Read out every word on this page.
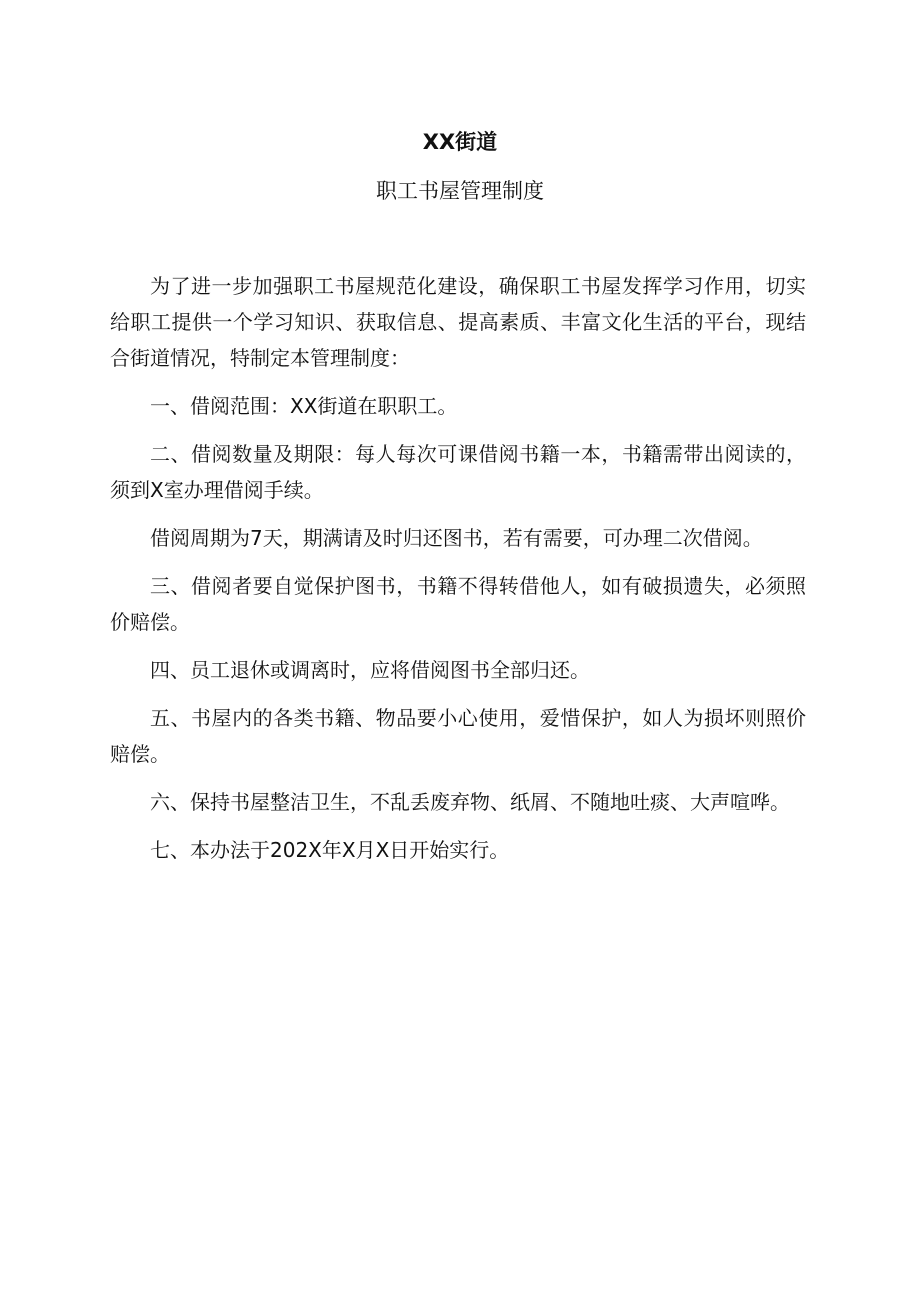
XX街道
职工书屋管理制度

为了进一步加强职工书屋规范化建设，确保职工书屋发挥学习作用，切实给职工提供一个学习知识、获取信息、提高素质、丰富文化生活的平台，现结合街道情况，特制定本管理制度：

一、借阅范围：XX街道在职职工。

二、借阅数量及期限：每人每次可课借阅书籍一本，书籍需带出阅读的，须到X室办理借阅手续。

借阅周期为7天，期满请及时归还图书，若有需要，可办理二次借阅。

三、借阅者要自觉保护图书，书籍不得转借他人，如有破损遗失，必须照价赔偿。

四、员工退休或调离时，应将借阅图书全部归还。

五、书屋内的各类书籍、物品要小心使用，爱惜保护，如人为损坏则照价赔偿。

六、保持书屋整洁卫生，不乱丢废弃物、纸屑、不随地吐痰、大声喧哗。

七、本办法于202X年X月X日开始实行。
